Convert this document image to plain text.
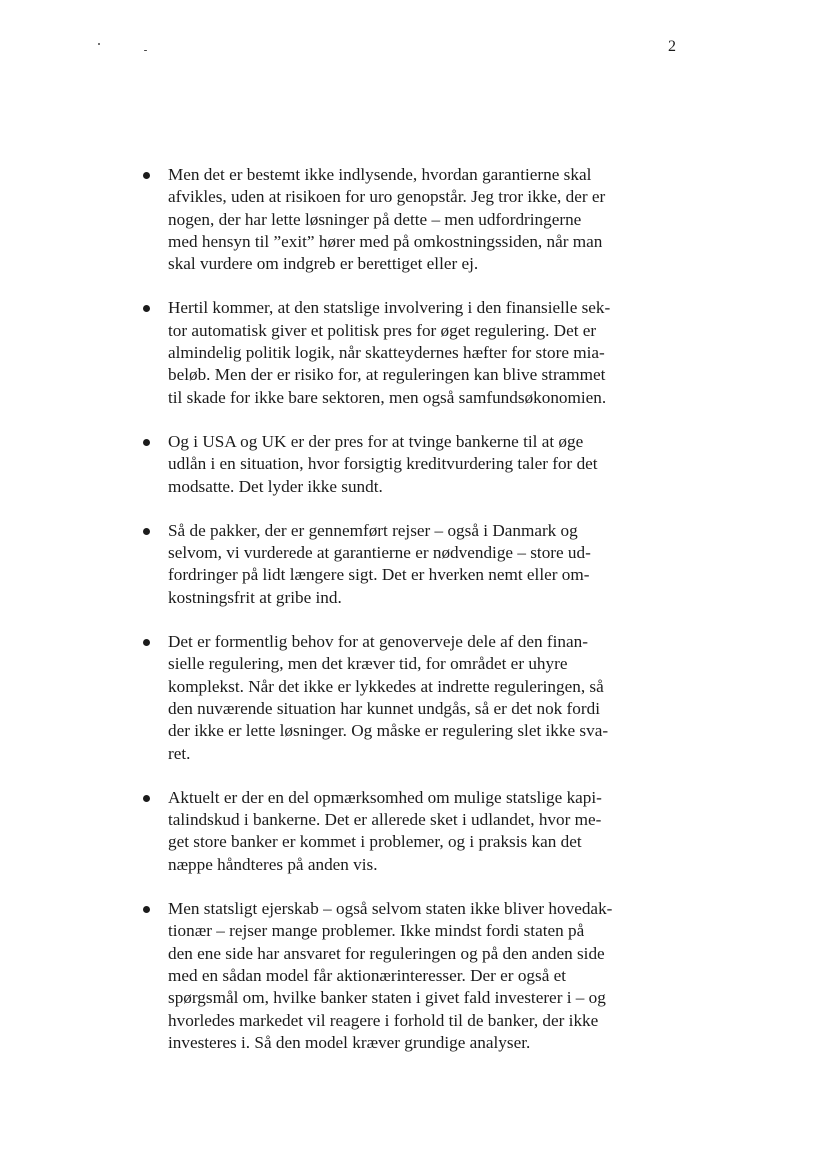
2
Men det er bestemt ikke indlysende, hvordan garantierne skal
afvikles, uden at risikoen for uro genopstår. Jeg tror ikke, der er
nogen, der har lette løsninger på dette – men udfordringerne
med hensyn til ”exit” hører med på omkostningssiden, når man
skal vurdere om indgreb er berettiget eller ej.
Hertil kommer, at den statslige involvering i den finansielle sek-
tor automatisk giver et politisk pres for øget regulering. Det er
almindelig politik logik, når skatteydernes hæfter for store mia-
beløb. Men der er risiko for, at reguleringen kan blive strammet
til skade for ikke bare sektoren, men også samfundsøkonomien.
Og i USA og UK er der pres for at tvinge bankerne til at øge
udlån i en situation, hvor forsigtig kreditvurdering taler for det
modsatte. Det lyder ikke sundt.
Så de pakker, der er gennemført rejser – også i Danmark og
selvom, vi vurderede at garantierne er nødvendige – store ud-
fordringer på lidt længere sigt. Det er hverken nemt eller om-
kostningsfrit at gribe ind.
Det er formentlig behov for at genoverveje dele af den finan-
sielle regulering, men det kræver tid, for området er uhyre
komplekst. Når det ikke er lykkedes at indrette reguleringen, så
den nuværende situation har kunnet undgås, så er det nok fordi
der ikke er lette løsninger. Og måske er regulering slet ikke sva-
ret.
Aktuelt er der en del opmærksomhed om mulige statslige kapi-
talindskud i bankerne. Det er allerede sket i udlandet, hvor me-
get store banker er kommet i problemer, og i praksis kan det
næppe håndteres på anden vis.
Men statsligt ejerskab – også selvom staten ikke bliver hovedak-
tionær – rejser mange problemer. Ikke mindst fordi staten på
den ene side har ansvaret for reguleringen og på den anden side
med en sådan model får aktionærinteresser. Der er også et
spørgsmål om, hvilke banker staten i givet fald investerer i – og
hvorledes markedet vil reagere i forhold til de banker, der ikke
investeres i. Så den model kræver grundige analyser.
